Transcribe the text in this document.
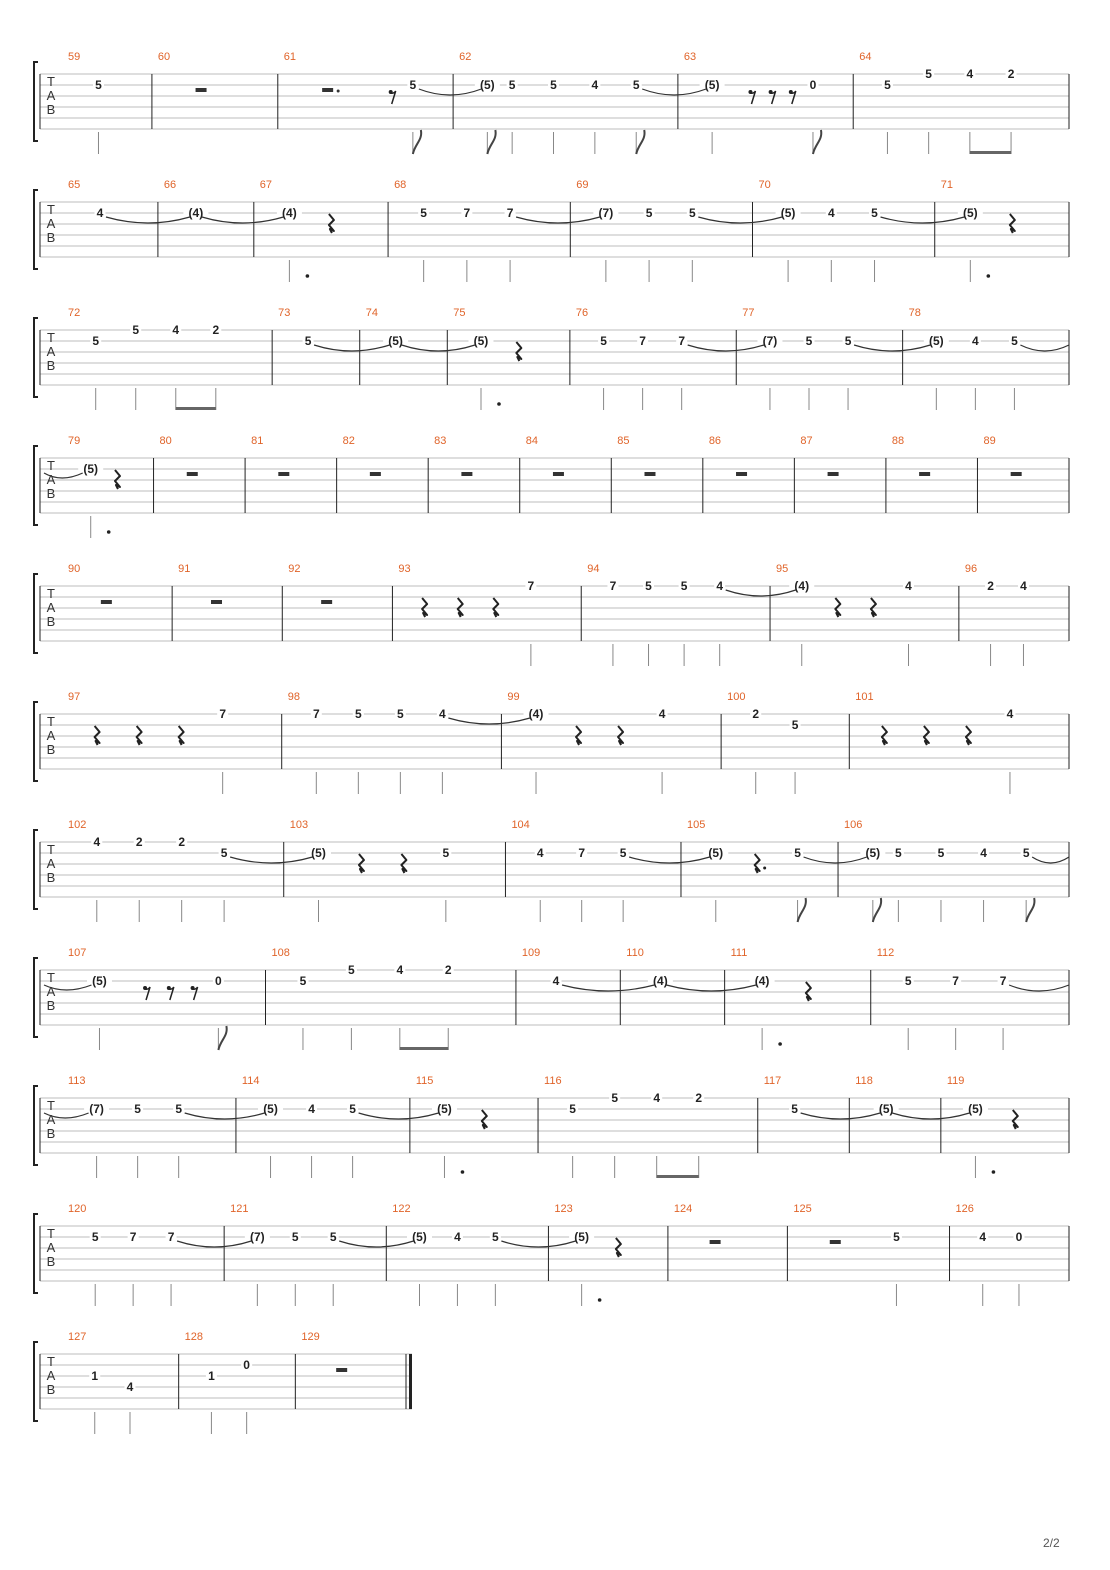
T
A
B
59
5
60	61
5
62
(5) 5	5	4	5
63
(5)	0
64
5
5	4	2
T
A
B
65
4
66
(4)
67
(4)
68
5	7	7
69
(7)	5	5
70
(5)	4	5
71
(5)
T
A
B
72
5
5	4	2
73
5
74
(5)
75
(5)
76
5	7	7
77
(7) 5	5
78
(5) 4	5
T
A
B
79
(5)
80	81	82	83	84	85	86	87	88	89
T
A
B
90	91	92	93
7
94
7 5 5 4
95
(4)	4
96
2 4
T
A
B
97
7
98
7	5	5	4
99
(4)	4
100
2
5
101
4
T
A
B
102
4	2	2
5
103
(5)	5
104
4	7	5
105
(5)	5
106
(5) 5	5	4	5
T
A
B
107
(5)	0
108
5
5	4	2
109
4
110
(4)
111
(4)
112
5	7	7
T
A
B
113
(7)	5	5
114
(5)	4	5
115
(5)
116
5
5	4	2
117
5
118
(5)
119
(5)
T
A
B
120
5	7	7
121
(7) 5	5
122
(5) 4	5
123
(5)
124	125
5
126
4 0
T
A
B
127
1
4
128
1
0
129
2/2
